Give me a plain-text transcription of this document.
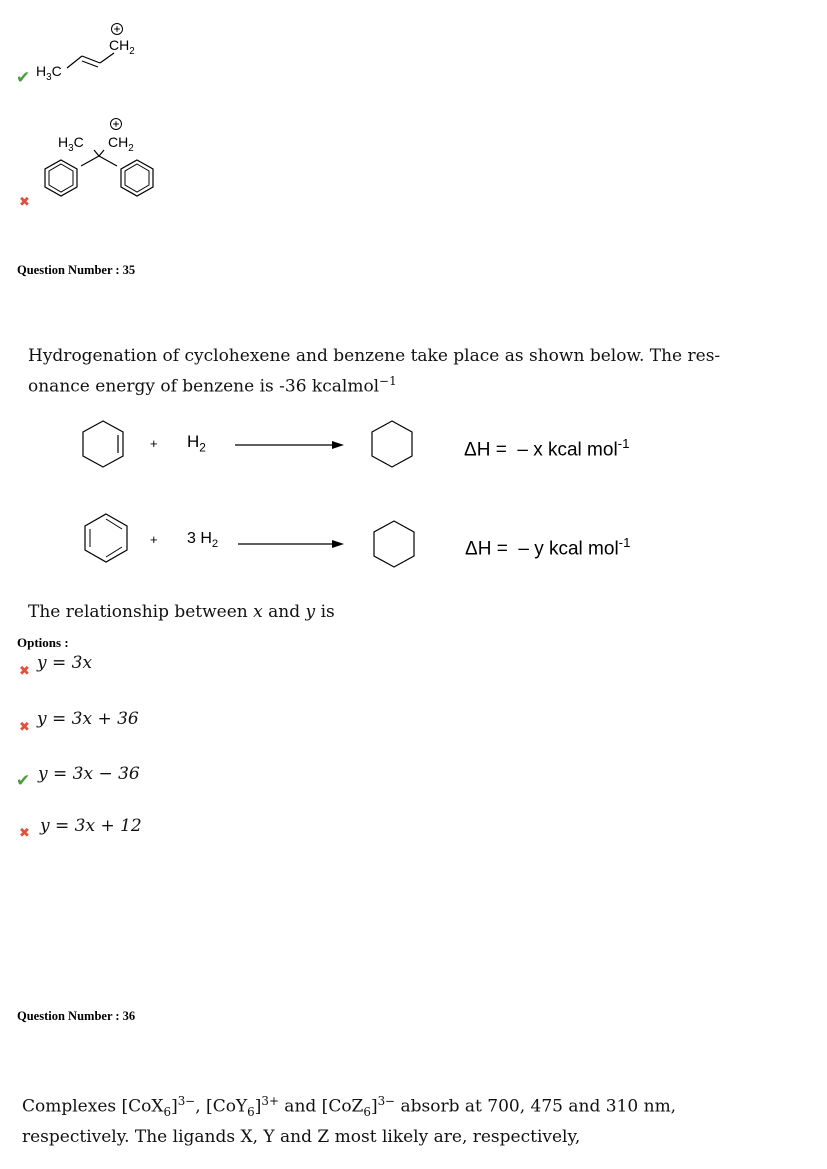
✔ $H_3C$
$CH_2$
$H_3C$ $CH_2$
✖
Question Number : 35
Hydrogenation of cyclohexene and benzene take place as shown below. The res-
onance energy of benzene is -36 kcalmol$^{-1}$
+ $H_2$	ΔH = – x kcal mol$^{-1}$
+ 3 $H_2$	ΔH = – y kcal mol$^{-1}$
The relationship between x and y is
Options :
✖ y = 3x
✖ y = 3x + 36
✔ y = 3x − 36
✖ y = 3x + 12
Question Number : 36
Complexes $[CoX_6]^{3-}$, $[CoY_6]^{3+}$ and $[CoZ_6]^{3-}$ absorb at 700, 475 and 310 nm,
respectively. The ligands X, Y and Z most likely are, respectively,
